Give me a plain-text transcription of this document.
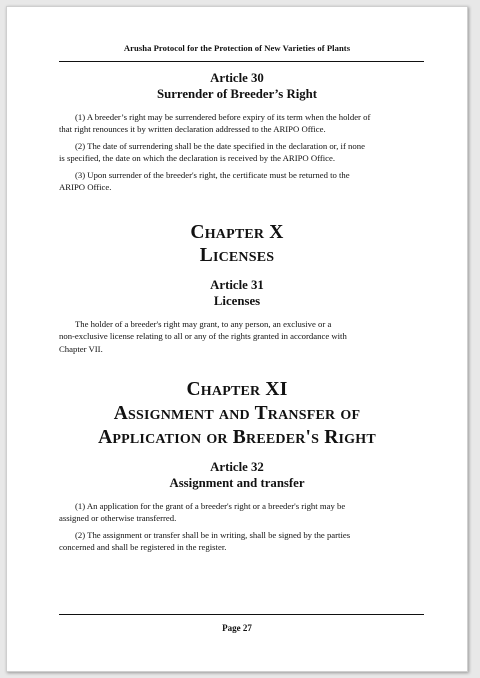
Arusha Protocol for the Protection of New Varieties of Plants
Article 30
Surrender of Breeder’s Right
(1) A breeder’s right may be surrendered before expiry of its term when the holder of
that right renounces it by written declaration addressed to the ARIPO Office.
(2) The date of surrendering shall be the date specified in the declaration or, if none
is specified, the date on which the declaration is received by the ARIPO Office.
(3) Upon surrender of the breeder's right, the certificate must be returned to the
ARIPO Office.
Chapter X
Licenses
Article 31
Licenses
The holder of a breeder's right may grant, to any person, an exclusive or a
non-exclusive license relating to all or any of the rights granted in accordance with
Chapter VII.
Chapter XI
Assignment and Transfer of
Application or Breeder's Right
Article 32
Assignment and transfer
(1) An application for the grant of a breeder's right or a breeder's right may be
assigned or otherwise transferred.
(2) The assignment or transfer shall be in writing, shall be signed by the parties
concerned and shall be registered in the register.
Page 27
